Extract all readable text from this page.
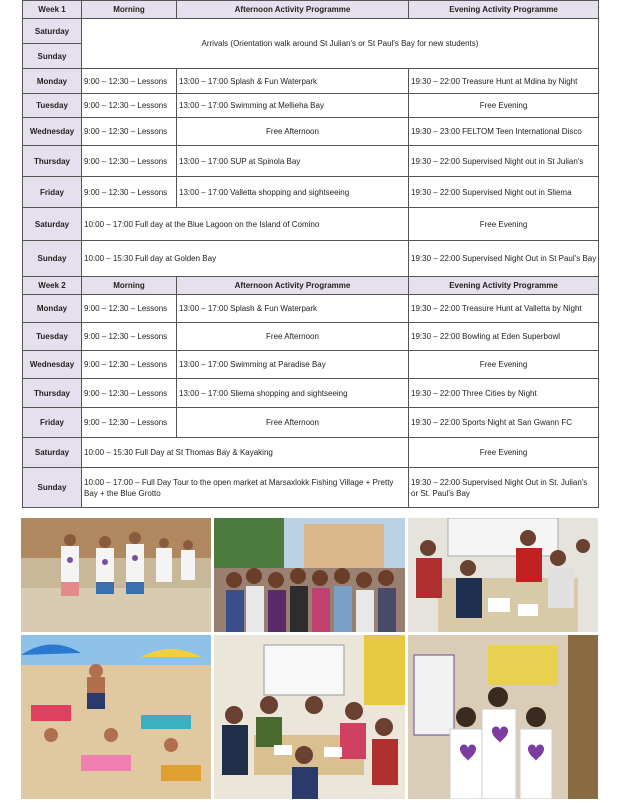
Week 1	Morning	Afternoon Activity Programme	Evening Activity Programme
Saturday	Arrivals (Orientation walk around St Julian's or St Paul's Bay for new students)		
Sunday			
Monday	9:00 – 12:30 – Lessons	13:00 – 17:00 Splash & Fun Waterpark	19:30 – 22:00 Treasure Hunt at Mdina by Night
Tuesday	9:00 – 12:30 – Lessons	13:00 – 17:00 Swimming at Mellieha Bay	Free Evening
Wednesday	9:00 – 12:30 – Lessons	Free Afternoon	19:30 – 23:00 FELTOM Teen International Disco
Thursday	9:00 – 12:30 – Lessons	13:00 – 17:00 SUP at Spinola Bay	19:30 – 22:00 Supervised Night out in St Julian's
Friday	9:00 – 12:30 – Lessons	13:00 – 17:00 Valletta shopping and sightseeing	19:30 – 22:00 Supervised Night out in Sliema
Saturday	10:00 – 17:00 Full day at the Blue Lagoon on the Island of Comino		Free Evening
Sunday	10:00 – 15:30 Full day at Golden Bay		19:30 – 22:00 Supervised Night Out in St Paul's Bay
Week 2	Morning	Afternoon Activity Programme	Evening Activity Programme
Monday	9:00 – 12:30 – Lessons	13:00 – 17:00 Splash & Fun Waterpark	19:30 – 22:00 Treasure Hunt at Valletta by Night
Tuesday	9:00 – 12:30 – Lessons	Free Afternoon	19:30 – 22:00 Bowling at Eden Superbowl
Wednesday	9:00 – 12:30 – Lessons	13:00 – 17:00 Swimming at Paradise Bay	Free Evening
Thursday	9:00 – 12:30 – Lessons	13:00 – 17:00 Sliema shopping and sightseeing	19:30 – 22:00 Three Cities by Night
Friday	9:00 – 12:30 – Lessons	Free Afternoon	19:30 – 22:00 Sports Night at San Gwann FC
Saturday	10:00 – 15:30 Full Day at St Thomas Bay & Kayaking		Free Evening
Sunday	10:00 – 17:00 – Full Day Tour to the open market at Marsaxlokk Fishing Village + Pretty Bay + the Blue Grotto		19:30 – 22:00 Supervised Night Out in St. Julian's or St. Paul's Bay
